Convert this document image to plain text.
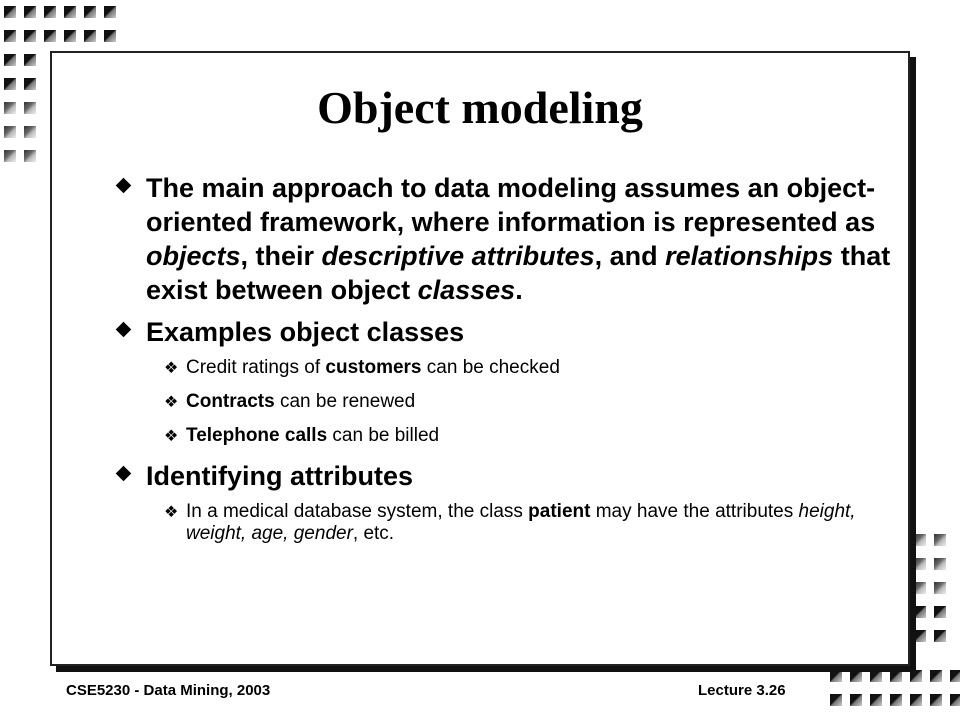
Object modeling
The main approach to data modeling assumes an object-oriented framework, where information is represented as objects, their descriptive attributes, and relationships that exist between object classes.
Examples object classes
❖ Credit ratings of customers can be checked
❖ Contracts can be renewed
❖ Telephone calls can be billed
Identifying attributes
❖ In a medical database system, the class patient may have the attributes height, weight, age, gender, etc.
CSE5230 - Data Mining, 2003	Lecture 3.26
